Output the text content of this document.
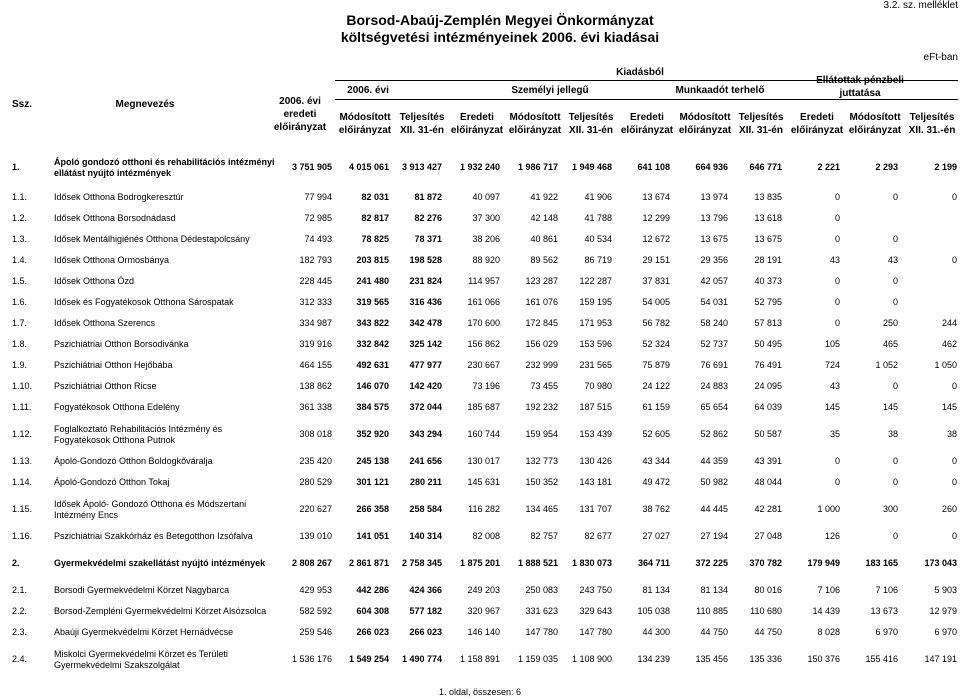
Borsod-Abaúj-Zemplén Megyei Önkormányzat
költségvetési intézményeinek 2006. évi kiadásai
3.2. sz. melléklet
eFt-ban
Ssz.	Megnevezés	2006. évi eredeti előirányzat
Kiadásból
2006. évi	Személyi jellegű	Munkaadót terhelő
Ellátottak pénzbeli juttatása
Módosított előirányzat
Teljesítés XII. 31-én
Eredeti előirányzat
Módosított előirányzat
Teljesítés XII. 31-én
Eredeti előirányzat
Módosított előirányzat
Teljesítés XII. 31-én
Eredeti előirányzat
Módosított előirányzat
Teljesítés XII. 31.-én
1.	Ápoló gondozó otthoni és rehabilitációs intézményi ellátást nyújtó intézmények	3 751 905	4 015 061	3 913 427	1 932 240	1 986 717	1 949 468	641 108	664 936	646 771	2 221	2 293	2 199
1.1.	Idősek Otthona Bodrogkeresztúr	77 994	82 031	81 872	40 097	41 922	41 906	13 674	13 974	13 835	0	0	0
1.2.	Idősek Otthona Borsodnádasd	72 985	82 817	82 276	37 300	42 148	41 788	12 299	13 796	13 618	0		
1.3.	Idősek Mentálhigiénés Otthona Dédestapolcsány	74 493	78 825	78 371	38 206	40 861	40 534	12 672	13 675	13 675	0	0	
1.4.	Idősek Otthona Ormosbánya	182 793	203 815	198 528	88 920	89 562	86 719	29 151	29 356	28 191	43	43	0
1.5.	Idősek Otthona Ózd	228 445	241 480	231 824	114 957	123 287	122 287	37 831	42 057	40 373	0	0	
1.6.	Idősek és Fogyatékosok Otthona Sárospatak	312 333	319 565	316 436	161 066	161 076	159 195	54 005	54 031	52 795	0	0	
1.7.	Idősek Otthona Szerencs	334 987	343 822	342 478	170 600	172 845	171 953	56 782	58 240	57 813	0	250	244
1.8.	Pszichiátriai Otthon Borsodivánka	319 916	332 842	325 142	156 862	156 029	153 596	52 324	52 737	50 495	105	465	462
1.9.	Pszichiátriai Otthon Hejőbába	464 155	492 631	477 977	230 667	232 999	231 565	75 879	76 691	76 491	724	1 052	1 050
1.10.	Pszichiátriai Otthon Ricse	138 862	146 070	142 420	73 196	73 455	70 980	24 122	24 883	24 095	43	0	0
1.11.	Fogyatékosok Otthona Edelény	361 338	384 575	372 044	185 687	192 232	187 515	61 159	65 654	64 039	145	145	145
1.12.	Foglalkoztató Rehabilitációs Intézmény és Fogyatékosok Otthona Putnok	308 018	352 920	343 294	160 744	159 954	153 439	52 605	52 862	50 587	35	38	38
1.13.	Ápoló-Gondozó Otthon Boldogkőváralja	235 420	245 138	241 656	130 017	132 773	130 426	43 344	44 359	43 391	0	0	0
1.14.	Ápoló-Gondozó Otthon Tokaj	280 529	301 121	280 211	145 631	150 352	143 181	49 472	50 982	48 044	0	0	0
1.15.	Idősek Ápoló- Gondozó Otthona és Módszertani Intézmény Encs	220 627	266 358	258 584	116 282	134 465	131 707	38 762	44 445	42 281	1 000	300	260
1.16.	Pszichiátriai Szakkórház és Betegotthon Izsófalva	139 010	141 051	140 314	82 008	82 757	82 677	27 027	27 194	27 048	126	0	0
2.	Gyermekvédelmi szakellátást nyújtó intézmények	2 808 267	2 861 871	2 758 345	1 875 201	1 888 521	1 830 073	364 711	372 225	370 782	179 949	183 165	173 043
2.1.	Borsodi Gyermekvédelmi Körzet Nagybarca	429 953	442 286	424 366	249 203	250 083	243 750	81 134	81 134	80 016	7 106	7 106	5 903
2.2.	Borsod-Zempléni Gyermekvédelmi Körzet Alsózsolca	582 592	604 308	577 182	320 967	331 623	329 643	105 038	110 885	110 680	14 439	13 673	12 979
2.3.	Abaúji Gyermekvédelmi Körzet Hernádvécse	259 546	266 023	266 023	146 140	147 780	147 780	44 300	44 750	44 750	8 028	6 970	6 970
2.4.	Miskolci Gyermekvédelmi Körzet és Területi Gyermekvédelmi Szakszolgálat	1 536 176	1 549 254	1 490 774	1 158 891	1 159 035	1 108 900	134 239	135 456	135 336	150 376	155 416	147 191
1. oldal, összesen: 6
